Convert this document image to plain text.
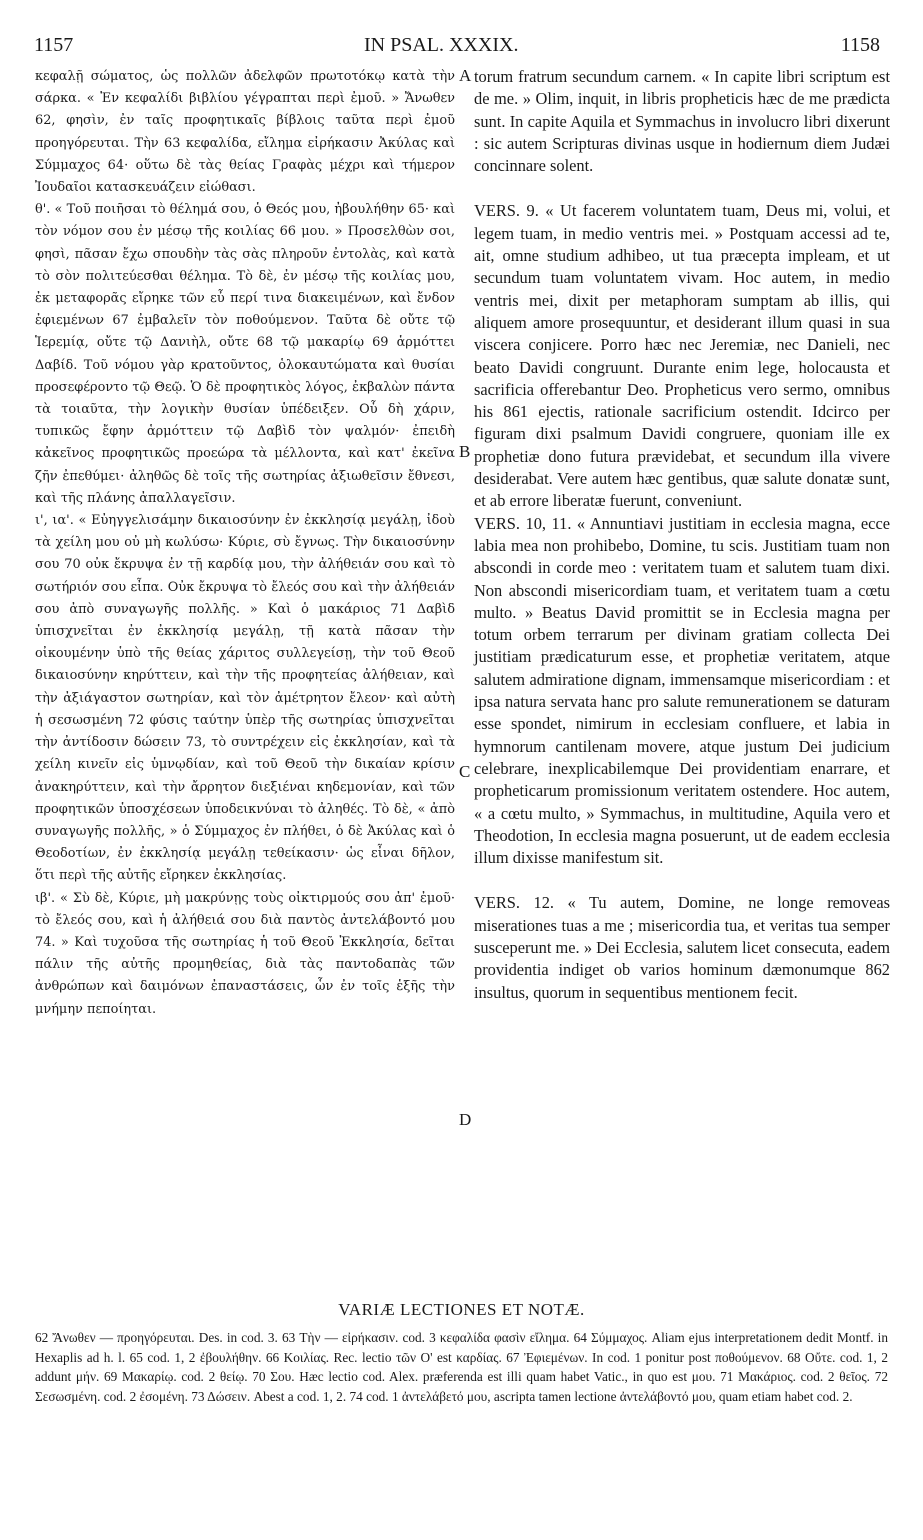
1157	IN PSAL. XXXIX.	1158

κεφαλῇ σώματος, ὡς πολλῶν ἀδελφῶν πρωτοτόκῳ κατὰ τὴν σάρκα. « Ἐν κεφαλίδι βιβλίου γέγραπται περὶ ἐμοῦ. » Ἄνωθεν 62, φησὶν, ἐν ταῖς προφητικαῖς βίβλοις ταῦτα περὶ ἐμοῦ προηγόρευται. Τὴν 63 κεφαλίδα, εἴλημα εἰρήκασιν Ἀκύλας καὶ Σύμμαχος 64· οὕτω δὲ τὰς θείας Γραφὰς μέχρι καὶ τήμερον Ἰουδαῖοι κατασκευάζειν εἰώθασι.

θ'. « Τοῦ ποιῆσαι τὸ θέλημά σου, ὁ Θεός μου, ἠβουλήθην 65· καὶ τὸν νόμον σου ἐν μέσῳ τῆς κοιλίας 66 μου. » Προσελθὼν σοι, φησὶ, πᾶσαν ἔχω σπουδὴν τὰς σὰς πληροῦν ἐντολὰς, καὶ κατὰ τὸ σὸν πολιτεύεσθαι θέλημα. Τὸ δὲ, ἐν μέσῳ τῆς κοιλίας μου, ἐκ μεταφορᾶς εἴρηκε τῶν εὖ περί τινα διακειμένων, καὶ ἔνδον ἐφιεμένων 67 ἐμβαλεῖν τὸν ποθούμενον. Ταῦτα δὲ οὔτε τῷ Ἱερεμίᾳ, οὔτε τῷ Δανιὴλ, οὔτε 68 τῷ μακαρίῳ 69 ἁρμόττει Δαβίδ. Τοῦ νόμου γὰρ κρατοῦντος, ὁλοκαυτώματα καὶ θυσίαι προσεφέροντο τῷ Θεῷ. Ὁ δὲ προφητικὸς λόγος, ἐκβαλὼν πάντα τὰ τοιαῦτα, τὴν λογικὴν θυσίαν ὑπέδειξεν. Οὗ δὴ χάριν, τυπικῶς ἔφην ἁρμόττειν τῷ Δαβὶδ τὸν ψαλμόν· ἐπειδὴ κἀκεῖνος προφητικῶς προεώρα τὰ μέλλοντα, καὶ κατ' ἐκεῖνα ζῆν ἐπεθύμει· ἀληθῶς δὲ τοῖς τῆς σωτηρίας ἀξιωθεῖσιν ἔθνεσι, καὶ τῆς πλάνης ἀπαλλαγεῖσιν.

ι', ια'. « Εὐηγγελισάμην δικαιοσύνην ἐν ἐκκλησίᾳ μεγάλῃ, ἰδοὺ τὰ χείλη μου οὐ μὴ κωλύσω· Κύριε, σὺ ἔγνως. Τὴν δικαιοσύνην σου 70 οὐκ ἔκρυψα ἐν τῇ καρδίᾳ μου, τὴν ἀλήθειάν σου καὶ τὸ σωτήριόν σου εἶπα. Οὐκ ἔκρυψα τὸ ἔλεός σου καὶ τὴν ἀλήθειάν σου ἀπὸ συναγωγῆς πολλῆς. » Καὶ ὁ μακάριος 71 Δαβὶδ ὑπισχνεῖται ἐν ἐκκλησίᾳ μεγάλῃ, τῇ κατὰ πᾶσαν τὴν οἰκουμένην ὑπὸ τῆς θείας χάριτος συλλεγείσῃ, τὴν τοῦ Θεοῦ δικαιοσύνην κηρύττειν, καὶ τὴν τῆς προφητείας ἀλήθειαν, καὶ τὴν ἀξιάγαστον σωτηρίαν, καὶ τὸν ἀμέτρητον ἔλεον· καὶ αὐτὴ ἡ σεσωσμένη 72 φύσις ταύτην ὑπὲρ τῆς σωτηρίας ὑπισχνεῖται τὴν ἀντίδοσιν δώσειν 73, τὸ συντρέχειν εἰς ἐκκλησίαν, καὶ τὰ χείλη κινεῖν εἰς ὑμνῳδίαν, καὶ τοῦ Θεοῦ τὴν δικαίαν κρίσιν ἀνακηρύττειν, καὶ τὴν ἄρρητον διεξιέναι κηδεμονίαν, καὶ τῶν προφητικῶν ὑποσχέσεων ὑποδεικνύναι τὸ ἀληθές. Τὸ δὲ, « ἀπὸ συναγωγῆς πολλῆς, » ὁ Σύμμαχος ἐν πλήθει, ὁ δὲ Ἀκύλας καὶ ὁ Θεοδοτίων, ἐν ἐκκλησίᾳ μεγάλῃ τεθείκασιν· ὡς εἶναι δῆλον, ὅτι περὶ τῆς αὐτῆς εἴρηκεν ἐκκλησίας.

ιβ'. « Σὺ δὲ, Κύριε, μὴ μακρύνῃς τοὺς οἰκτιρμούς σου ἀπ' ἐμοῦ· τὸ ἔλεός σου, καὶ ἡ ἀλήθειά σου διὰ παντὸς ἀντελάβοντό μου 74. » Καὶ τυχοῦσα τῆς σωτηρίας ἡ τοῦ Θεοῦ Ἐκκλησία, δεῖται πάλιν τῆς αὐτῆς προμηθείας, διὰ τὰς παντοδαπὰς τῶν ἀνθρώπων καὶ δαιμόνων ἐπαναστάσεις, ὧν ἐν τοῖς ἑξῆς τὴν μνήμην πεποίηται.

A
B
C
D

torum fratrum secundum carnem. « In capite libri scriptum est de me. » Olim, inquit, in libris propheticis hæc de me prædicta sunt. In capite Aquila et Symmachus in involucro libri dixerunt : sic autem Scripturas divinas usque in hodiernum diem Judæi concinnare solent.

VERS. 9. « Ut facerem voluntatem tuam, Deus mi, volui, et legem tuam, in medio ventris mei. » Postquam accessi ad te, ait, omne studium adhibeo, ut tua præcepta impleam, et ut secundum tuam voluntatem vivam. Hoc autem, in medio ventris mei, dixit per metaphoram sumptam ab illis, qui aliquem amore prosequuntur, et desiderant illum quasi in sua viscera conjicere. Porro hæc nec Jeremiæ, nec Danieli, nec beato Davidi congruunt. Durante enim lege, holocausta et sacrificia offerebantur Deo. Propheticus vero sermo, omnibus his 861 ejectis, rationale sacrificium ostendit. Idcirco per figuram dixi psalmum Davidi congruere, quoniam ille ex prophetiæ dono futura prævidebat, et secundum illa vivere desiderabat. Vere autem hæc gentibus, quæ salute donatæ sunt, et ab errore liberatæ fuerunt, conveniunt.

VERS. 10, 11. « Annuntiavi justitiam in ecclesia magna, ecce labia mea non prohibebo, Domine, tu scis. Justitiam tuam non abscondi in corde meo : veritatem tuam et salutem tuam dixi. Non abscondi misericordiam tuam, et veritatem tuam a cœtu multo. » Beatus David promittit se in Ecclesia magna per totum orbem terrarum per divinam gratiam collecta Dei justitiam prædicaturum esse, et prophetiæ veritatem, atque salutem admiratione dignam, immensamque misericordiam : et ipsa natura servata hanc pro salute remunerationem se daturam esse spondet, nimirum in ecclesiam confluere, et labia in hymnorum cantilenam movere, atque justum Dei judicium celebrare, inexplicabilemque Dei providentiam enarrare, et propheticarum promissionum veritatem ostendere. Hoc autem, « a cœtu multo, » Symmachus, in multitudine, Aquila vero et Theodotion, In ecclesia magna posuerunt, ut de eadem ecclesia illum dixisse manifestum sit.

VERS. 12. « Tu autem, Domine, ne longe removeas miserationes tuas a me ; misericordia tua, et veritas tua semper susceperunt me. » Dei Ecclesia, salutem licet consecuta, eadem providentia indiget ob varios hominum dæmonumque 862 insultus, quorum in sequentibus mentionem fecit.

VARIÆ LECTIONES ET NOTÆ.

62 Ἄνωθεν — προηγόρευται. Des. in cod. 3. 63 Τὴν — εἰρήκασιν. cod. 3 κεφαλίδα φασὶν εἴλημα. 64 Σύμμαχος. Aliam ejus interpretationem dedit Montf. in Hexaplis ad h. l. 65 cod. 1, 2 ἐβουλήθην. 66 Κοιλίας. Rec. lectio τῶν Ο' est καρδίας. 67 Ἐφιεμένων. In cod. 1 ponitur post ποθούμενον. 68 Οὔτε. cod. 1, 2 addunt μήν. 69 Μακαρίῳ. cod. 2 θείῳ. 70 Σου. Hæc lectio cod. Alex. præferenda est illi quam habet Vatic., in quo est μου. 71 Μακάριος. cod. 2 θεῖος. 72 Σεσωσμένη. cod. 2 ἐσομένη. 73 Δώσειν. Abest a cod. 1, 2. 74 cod. 1 ἀντελάβετό μου, ascripta tamen lectione ἀντελάβοντό μου, quam etiam habet cod. 2.
